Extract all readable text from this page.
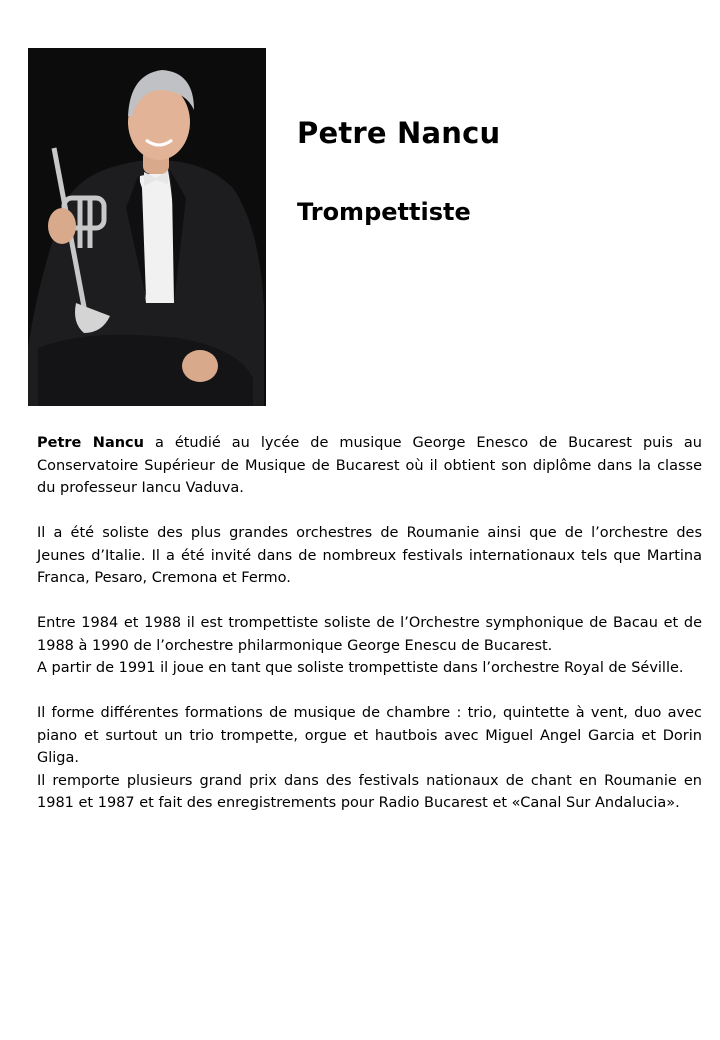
Petre Nancu
Trompettiste

Petre Nancu a étudié au lycée de musique George Enesco de Bucarest puis au Conservatoire Supérieur de Musique de Bucarest où il obtient son diplôme dans la classe du professeur Iancu Vaduva.

Il a été soliste des plus grandes orchestres de Roumanie ainsi que de l’orchestre des Jeunes d’Italie. Il a été invité dans de nombreux festivals internationaux tels que Martina Franca, Pesaro, Cremona et Fermo.

Entre 1984 et 1988 il est trompettiste soliste de l’Orchestre symphonique de Bacau et de 1988 à 1990 de l’orchestre philarmonique George Enescu de Bucarest.

A partir de 1991 il joue en tant que soliste trompettiste dans l’orchestre Royal de Séville.

Il forme différentes formations de musique de chambre : trio, quintette à vent, duo avec piano et surtout un trio trompette, orgue et hautbois avec Miguel Angel Garcia et Dorin Gliga.

Il remporte plusieurs grand prix dans des festivals nationaux de chant en Roumanie en 1981 et 1987 et fait des enregistrements pour Radio Bucarest et «Canal Sur Andalucia».
